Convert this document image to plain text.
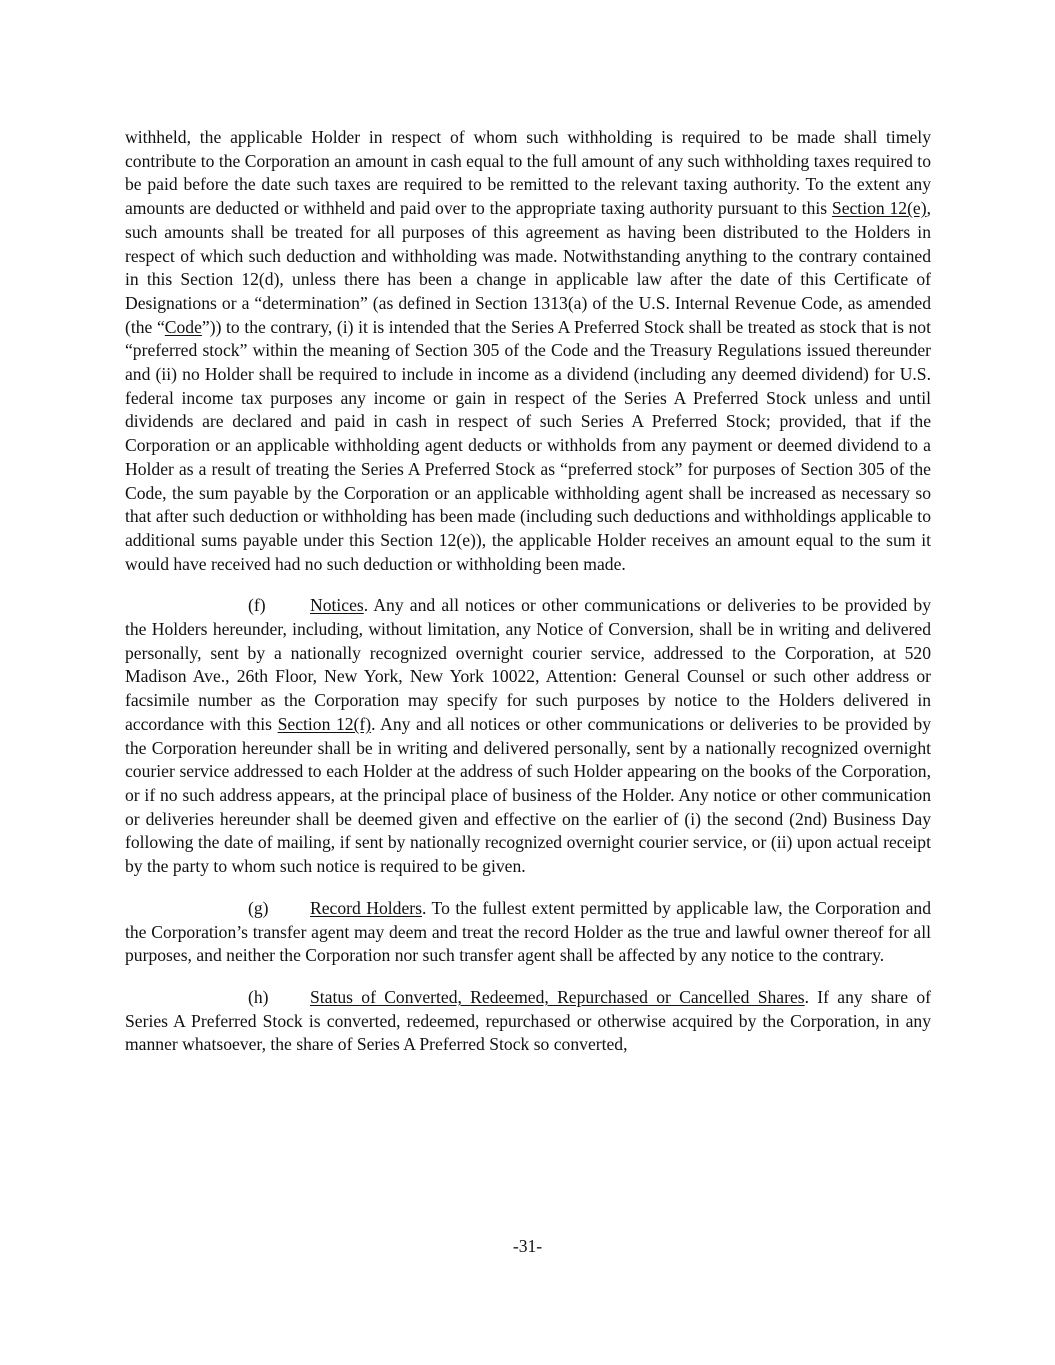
withheld, the applicable Holder in respect of whom such withholding is required to be made shall timely contribute to the Corporation an amount in cash equal to the full amount of any such withholding taxes required to be paid before the date such taxes are required to be remitted to the relevant taxing authority. To the extent any amounts are deducted or withheld and paid over to the appropriate taxing authority pursuant to this Section 12(e), such amounts shall be treated for all purposes of this agreement as having been distributed to the Holders in respect of which such deduction and withholding was made. Notwithstanding anything to the contrary contained in this Section 12(d), unless there has been a change in applicable law after the date of this Certificate of Designations or a “determination” (as defined in Section 1313(a) of the U.S. Internal Revenue Code, as amended (the “Code”)) to the contrary, (i) it is intended that the Series A Preferred Stock shall be treated as stock that is not “preferred stock” within the meaning of Section 305 of the Code and the Treasury Regulations issued thereunder and (ii) no Holder shall be required to include in income as a dividend (including any deemed dividend) for U.S. federal income tax purposes any income or gain in respect of the Series A Preferred Stock unless and until dividends are declared and paid in cash in respect of such Series A Preferred Stock; provided, that if the Corporation or an applicable withholding agent deducts or withholds from any payment or deemed dividend to a Holder as a result of treating the Series A Preferred Stock as “preferred stock” for purposes of Section 305 of the Code, the sum payable by the Corporation or an applicable withholding agent shall be increased as necessary so that after such deduction or withholding has been made (including such deductions and withholdings applicable to additional sums payable under this Section 12(e)), the applicable Holder receives an amount equal to the sum it would have received had no such deduction or withholding been made.

(f)	Notices. Any and all notices or other communications or deliveries to be provided by the Holders hereunder, including, without limitation, any Notice of Conversion, shall be in writing and delivered personally, sent by a nationally recognized overnight courier service, addressed to the Corporation, at 520 Madison Ave., 26th Floor, New York, New York 10022, Attention: General Counsel or such other address or facsimile number as the Corporation may specify for such purposes by notice to the Holders delivered in accordance with this Section 12(f). Any and all notices or other communications or deliveries to be provided by the Corporation hereunder shall be in writing and delivered personally, sent by a nationally recognized overnight courier service addressed to each Holder at the address of such Holder appearing on the books of the Corporation, or if no such address appears, at the principal place of business of the Holder. Any notice or other communication or deliveries hereunder shall be deemed given and effective on the earlier of (i) the second (2nd) Business Day following the date of mailing, if sent by nationally recognized overnight courier service, or (ii) upon actual receipt by the party to whom such notice is required to be given.

(g) Record Holders. To the fullest extent permitted by applicable law, the Corporation and the Corporation’s transfer agent may deem and treat the record Holder as the true and lawful owner thereof for all purposes, and neither the Corporation nor such transfer agent shall be affected by any notice to the contrary.

(h) Status of Converted, Redeemed, Repurchased or Cancelled Shares. If any share of Series A Preferred Stock is converted, redeemed, repurchased or otherwise acquired by the Corporation, in any manner whatsoever, the share of Series A Preferred Stock so converted,

-31-
